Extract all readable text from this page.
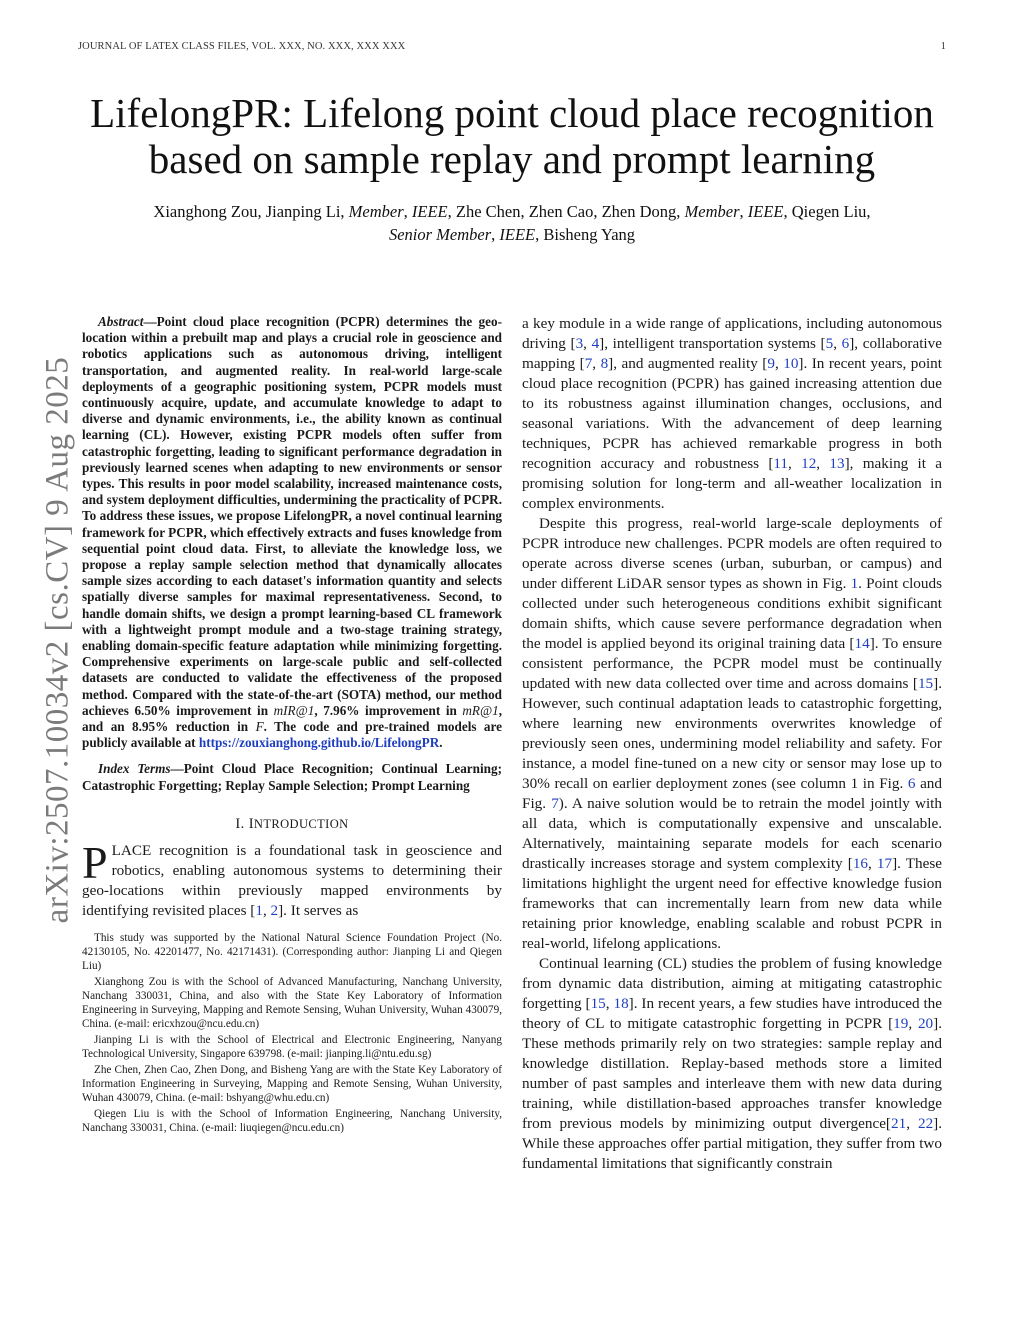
JOURNAL OF LATEX CLASS FILES, VOL. XXX, NO. XXX, XXX XXX	1
arXiv:2507.10034v2 [cs.CV] 9 Aug 2025
LifelongPR: Lifelong point cloud place recognition based on sample replay and prompt learning
Xianghong Zou, Jianping Li, Member, IEEE, Zhe Chen, Zhen Cao, Zhen Dong, Member, IEEE, Qiegen Liu,
Senior Member, IEEE, Bisheng Yang

Abstract—Point cloud place recognition (PCPR) determines the geo-location within a prebuilt map and plays a crucial role in geoscience and robotics applications such as autonomous driving, intelligent transportation, and augmented reality. In real-world large-scale deployments of a geographic positioning system, PCPR models must continuously acquire, update, and accumulate knowledge to adapt to diverse and dynamic environments, i.e., the ability known as continual learning (CL). However, existing PCPR models often suffer from catastrophic forgetting, leading to significant performance degradation in previously learned scenes when adapting to new environments or sensor types. This results in poor model scalability, increased maintenance costs, and system deployment difficulties, undermining the practicality of PCPR. To address these issues, we propose LifelongPR, a novel continual learning framework for PCPR, which effectively extracts and fuses knowledge from sequential point cloud data. First, to alleviate the knowledge loss, we propose a replay sample selection method that dynamically allocates sample sizes according to each dataset's information quantity and selects spatially diverse samples for maximal representativeness. Second, to handle domain shifts, we design a prompt learning-based CL framework with a lightweight prompt module and a two-stage training strategy, enabling domain-specific feature adaptation while minimizing forgetting. Comprehensive experiments on large-scale public and self-collected datasets are conducted to validate the effectiveness of the proposed method. Compared with the state-of-the-art (SOTA) method, our method achieves 6.50% improvement in mIR@1, 7.96% improvement in mR@1, and an 8.95% reduction in F. The code and pre-trained models are publicly available at https://zouxianghong.github.io/LifelongPR.

Index Terms—Point Cloud Place Recognition; Continual Learning; Catastrophic Forgetting; Replay Sample Selection; Prompt Learning

I. INTRODUCTION

PLACE recognition is a foundational task in geoscience and robotics, enabling autonomous systems to determining their geo-locations within previously mapped environments by identifying revisited places [1, 2]. It serves as

This study was supported by the National Natural Science Foundation Project (No. 42130105, No. 42201477, No. 42171431). (Corresponding author: Jianping Li and Qiegen Liu)

Xianghong Zou is with the School of Advanced Manufacturing, Nanchang University, Nanchang 330031, China, and also with the State Key Laboratory of Information Engineering in Surveying, Mapping and Remote Sensing, Wuhan University, Wuhan 430079, China. (e-mail: ericxhzou@ncu.edu.cn)

Jianping Li is with the School of Electrical and Electronic Engineering, Nanyang Technological University, Singapore 639798. (e-mail: jianping.li@ntu.edu.sg)

Zhe Chen, Zhen Cao, Zhen Dong, and Bisheng Yang are with the State Key Laboratory of Information Engineering in Surveying, Mapping and Remote Sensing, Wuhan University, Wuhan 430079, China. (e-mail: bshyang@whu.edu.cn)

Qiegen Liu is with the School of Information Engineering, Nanchang University, Nanchang 330031, China. (e-mail: liuqiegen@ncu.edu.cn)

a key module in a wide range of applications, including autonomous driving [3, 4], intelligent transportation systems [5, 6], collaborative mapping [7, 8], and augmented reality [9, 10]. In recent years, point cloud place recognition (PCPR) has gained increasing attention due to its robustness against illumination changes, occlusions, and seasonal variations. With the advancement of deep learning techniques, PCPR has achieved remarkable progress in both recognition accuracy and robustness [11, 12, 13], making it a promising solution for long-term and all-weather localization in complex environments.

Despite this progress, real-world large-scale deployments of PCPR introduce new challenges. PCPR models are often required to operate across diverse scenes (urban, suburban, or campus) and under different LiDAR sensor types as shown in Fig. 1. Point clouds collected under such heterogeneous conditions exhibit significant domain shifts, which cause severe performance degradation when the model is applied beyond its original training data [14]. To ensure consistent performance, the PCPR model must be continually updated with new data collected over time and across domains [15]. However, such continual adaptation leads to catastrophic forgetting, where learning new environments overwrites knowledge of previously seen ones, undermining model reliability and safety. For instance, a model fine-tuned on a new city or sensor may lose up to 30% recall on earlier deployment zones (see column 1 in Fig. 6 and Fig. 7). A naive solution would be to retrain the model jointly with all data, which is computationally expensive and unscalable. Alternatively, maintaining separate models for each scenario drastically increases storage and system complexity [16, 17]. These limitations highlight the urgent need for effective knowledge fusion frameworks that can incrementally learn from new data while retaining prior knowledge, enabling scalable and robust PCPR in real-world, lifelong applications.

Continual learning (CL) studies the problem of fusing knowledge from dynamic data distribution, aiming at mitigating catastrophic forgetting [15, 18]. In recent years, a few studies have introduced the theory of CL to mitigate catastrophic forgetting in PCPR [19, 20]. These methods primarily rely on two strategies: sample replay and knowledge distillation. Replay-based methods store a limited number of past samples and interleave them with new data during training, while distillation-based approaches transfer knowledge from previous models by minimizing output divergence[21, 22]. While these approaches offer partial mitigation, they suffer from two fundamental limitations that significantly constrain
